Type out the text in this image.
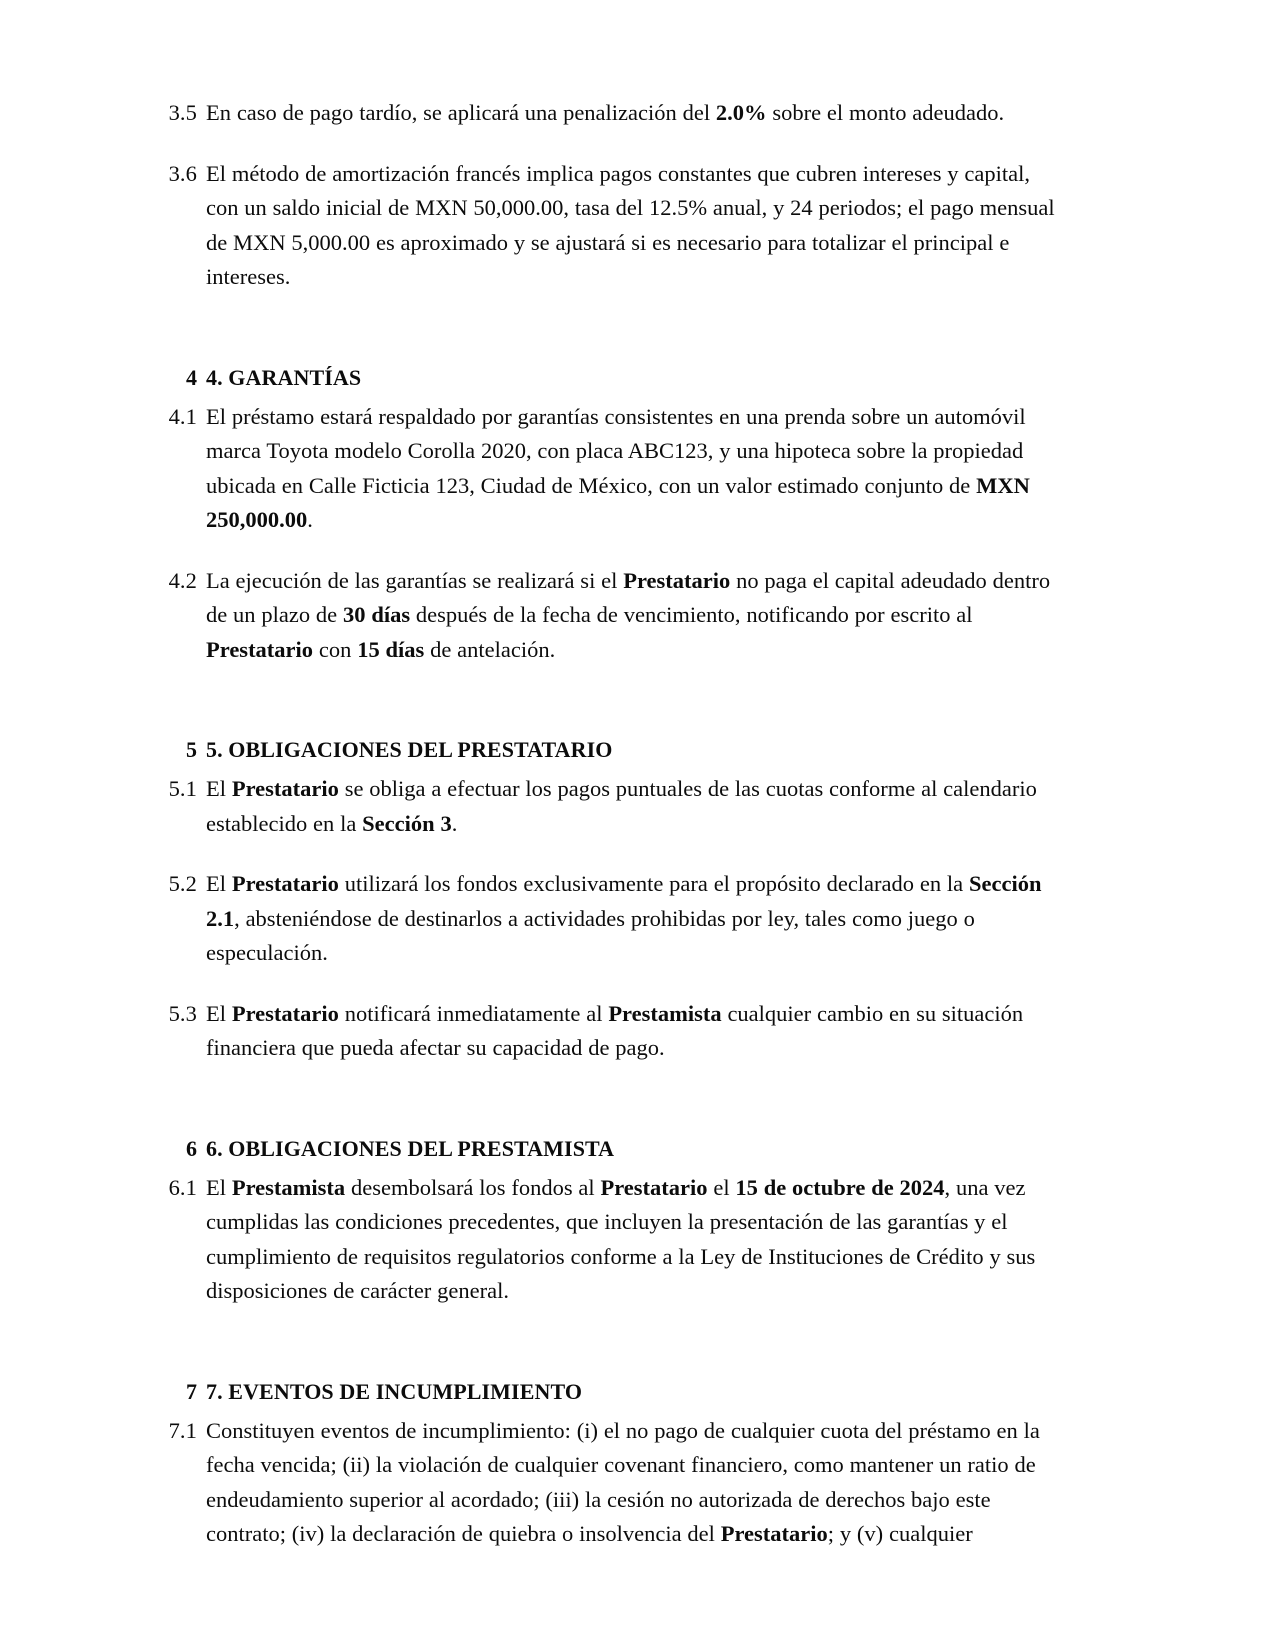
3.5 En caso de pago tardío, se aplicará una penalización del 2.0% sobre el monto adeudado.
3.6 El método de amortización francés implica pagos constantes que cubren intereses y capital, con un saldo inicial de MXN 50,000.00, tasa del 12.5% anual, y 24 periodos; el pago mensual de MXN 5,000.00 es aproximado y se ajustará si es necesario para totalizar el principal e intereses.
4 4. GARANTÍAS
4.1 El préstamo estará respaldado por garantías consistentes en una prenda sobre un automóvil marca Toyota modelo Corolla 2020, con placa ABC123, y una hipoteca sobre la propiedad ubicada en Calle Ficticia 123, Ciudad de México, con un valor estimado conjunto de MXN 250,000.00.
4.2 La ejecución de las garantías se realizará si el Prestatario no paga el capital adeudado dentro de un plazo de 30 días después de la fecha de vencimiento, notificando por escrito al Prestatario con 15 días de antelación.
5 5. OBLIGACIONES DEL PRESTATARIO
5.1 El Prestatario se obliga a efectuar los pagos puntuales de las cuotas conforme al calendario establecido en la Sección 3.
5.2 El Prestatario utilizará los fondos exclusivamente para el propósito declarado en la Sección 2.1, absteniéndose de destinarlos a actividades prohibidas por ley, tales como juego o especulación.
5.3 El Prestatario notificará inmediatamente al Prestamista cualquier cambio en su situación financiera que pueda afectar su capacidad de pago.
6 6. OBLIGACIONES DEL PRESTAMISTA
6.1 El Prestamista desembolsará los fondos al Prestatario el 15 de octubre de 2024, una vez cumplidas las condiciones precedentes, que incluyen la presentación de las garantías y el cumplimiento de requisitos regulatorios conforme a la Ley de Instituciones de Crédito y sus disposiciones de carácter general.
7 7. EVENTOS DE INCUMPLIMIENTO
7.1 Constituyen eventos de incumplimiento: (i) el no pago de cualquier cuota del préstamo en la fecha vencida; (ii) la violación de cualquier covenant financiero, como mantener un ratio de endeudamiento superior al acordado; (iii) la cesión no autorizada de derechos bajo este contrato; (iv) la declaración de quiebra o insolvencia del Prestatario; y (v) cualquier
